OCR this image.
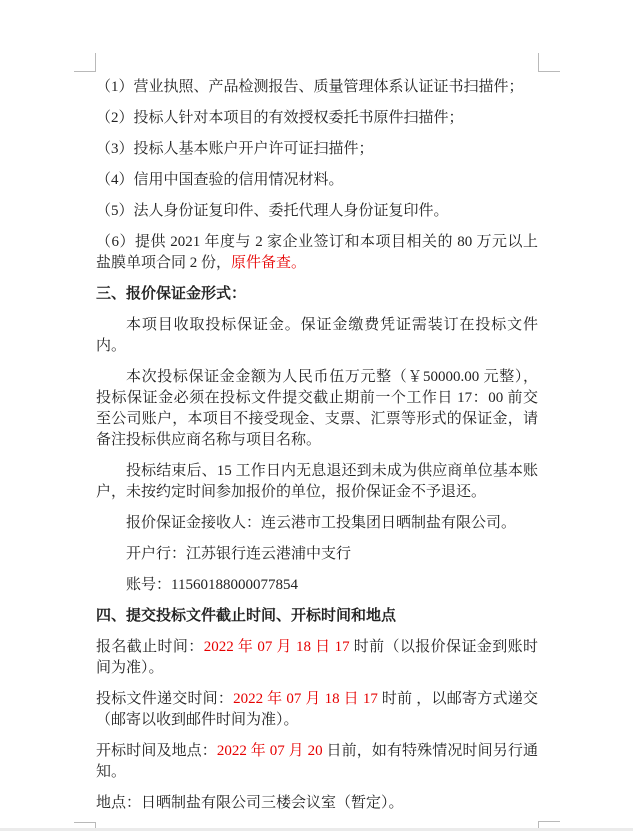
（1）营业执照、产品检测报告、质量管理体系认证证书扫描件；

（2）投标人针对本项目的有效授权委托书原件扫描件；

（3）投标人基本账户开户许可证扫描件；

（4）信用中国查验的信用情况材料。

（5）法人身份证复印件、委托代理人身份证复印件。

（6）提供 2021 年度与 2 家企业签订和本项目相关的 80 万元以上盐膜单项合同 2 份，原件备查。

三、报价保证金形式：

本项目收取投标保证金。保证金缴费凭证需装订在投标文件内。

本次投标保证金金额为人民币伍万元整（￥50000.00 元整），投标保证金必须在投标文件提交截止期前一个工作日 17：00 前交至公司账户，本项目不接受现金、支票、汇票等形式的保证金，请备注投标供应商名称与项目名称。

投标结束后、15 工作日内无息退还到未成为供应商单位基本账户，未按约定时间参加报价的单位，报价保证金不予退还。

报价保证金接收人：连云港市工投集团日晒制盐有限公司。

开户行：江苏银行连云港浦中支行

账号：11560188000077854

四、提交投标文件截止时间、开标时间和地点

报名截止时间：2022 年 07 月 18 日 17 时前（以报价保证金到账时间为准）。

投标文件递交时间：2022 年 07 月 18 日 17 时前 ，以邮寄方式递交（邮寄以收到邮件时间为准）。

开标时间及地点：2022 年 07 月 20 日前，如有特殊情况时间另行通知。

地点：日晒制盐有限公司三楼会议室（暂定）。
